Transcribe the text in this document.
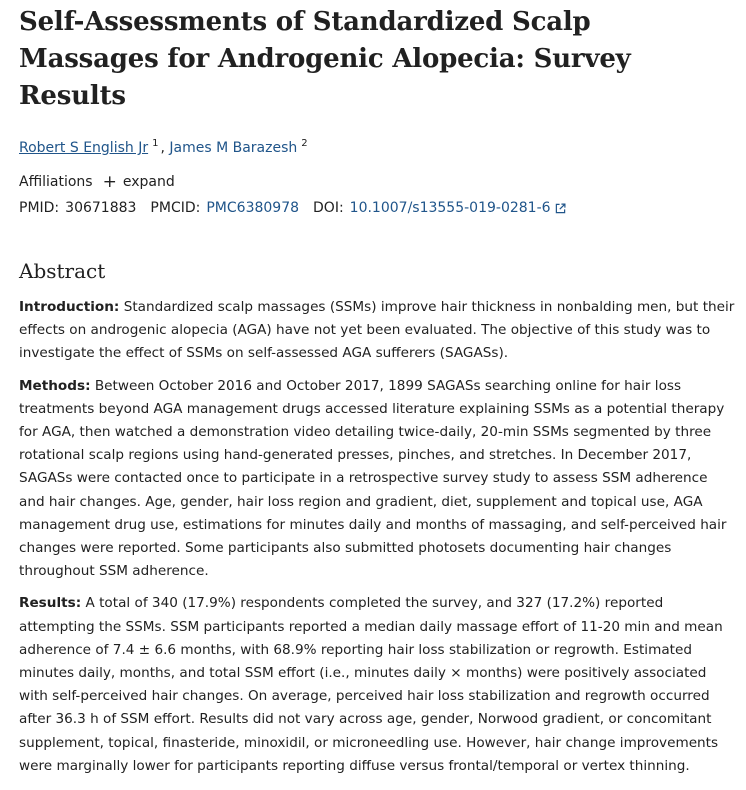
Self-Assessments of Standardized Scalp Massages for Androgenic Alopecia: Survey Results
Robert S English Jr $^1$ , James M Barazesh $^2$
Affiliations + expand
PMID: 30671883 PMCID: PMC6380978 DOI: 10.1007/s13555-019-0281-6
Abstract

Introduction: Standardized scalp massages (SSMs) improve hair thickness in nonbalding men, but their effects on androgenic alopecia (AGA) have not yet been evaluated. The objective of this study was to investigate the effect of SSMs on self-assessed AGA sufferers (SAGASs).

Methods: Between October 2016 and October 2017, 1899 SAGASs searching online for hair loss treatments beyond AGA management drugs accessed literature explaining SSMs as a potential therapy for AGA, then watched a demonstration video detailing twice-daily, 20-min SSMs segmented by three rotational scalp regions using hand-generated presses, pinches, and stretches. In December 2017, SAGASs were contacted once to participate in a retrospective survey study to assess SSM adherence and hair changes. Age, gender, hair loss region and gradient, diet, supplement and topical use, AGA management drug use, estimations for minutes daily and months of massaging, and self-perceived hair changes were reported. Some participants also submitted photosets documenting hair changes throughout SSM adherence.

Results: A total of 340 (17.9%) respondents completed the survey, and 327 (17.2%) reported attempting the SSMs. SSM participants reported a median daily massage effort of 11-20 min and mean adherence of 7.4 ± 6.6 months, with 68.9% reporting hair loss stabilization or regrowth. Estimated minutes daily, months, and total SSM effort (i.e., minutes daily × months) were positively associated with self-perceived hair changes. On average, perceived hair loss stabilization and regrowth occurred after 36.3 h of SSM effort. Results did not vary across age, gender, Norwood gradient, or concomitant supplement, topical, finasteride, minoxidil, or microneedling use. However, hair change improvements were marginally lower for participants reporting diffuse versus frontal/temporal or vertex thinning.
